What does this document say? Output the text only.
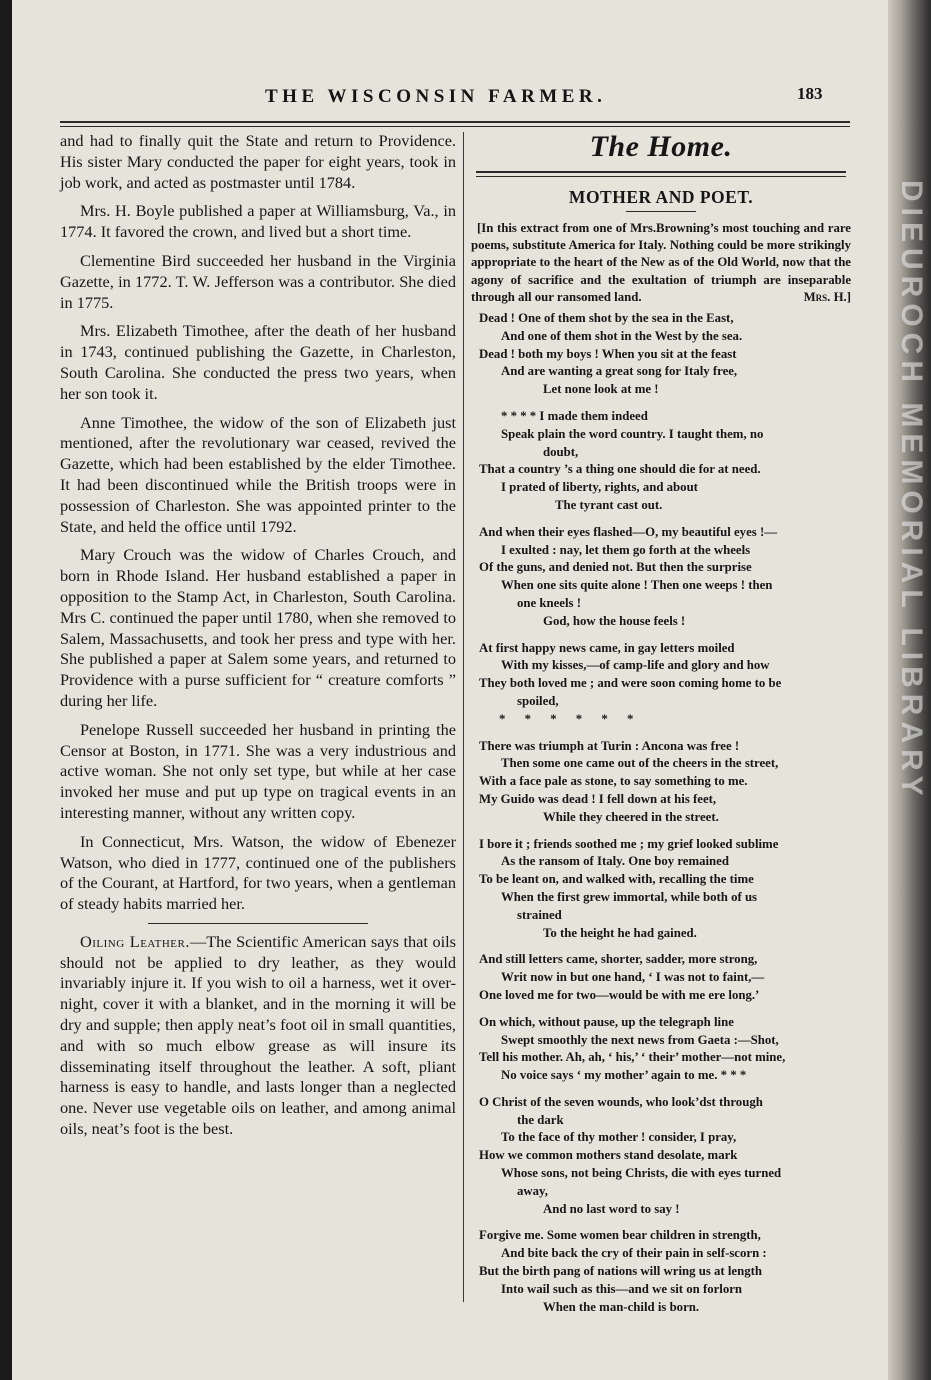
THE WISCONSIN FARMER.	183

and had to finally quit the State and return to Providence. His sister Mary conducted the paper for eight years, took in job work, and acted as postmaster until 1784.

Mrs. H. Boyle published a paper at Williamsburg, Va., in 1774. It favored the crown, and lived but a short time.

Clementine Bird succeeded her husband in the Virginia Gazette, in 1772. T. W. Jefferson was a contributor. She died in 1775.

Mrs. Elizabeth Timothee, after the death of her husband in 1743, continued publishing the Gazette, in Charleston, South Carolina. She conducted the press two years, when her son took it.

Anne Timothee, the widow of the son of Elizabeth just mentioned, after the revolutionary war ceased, revived the Gazette, which had been established by the elder Timothee. It had been discontinued while the British troops were in possession of Charleston. She was appointed printer to the State, and held the office until 1792.

Mary Crouch was the widow of Charles Crouch, and born in Rhode Island. Her husband established a paper in opposition to the Stamp Act, in Charleston, South Carolina. Mrs C. continued the paper until 1780, when she removed to Salem, Massachusetts, and took her press and type with her. She published a paper at Salem some years, and returned to Providence with a purse sufficient for “ creature comforts ” during her life.

Penelope Russell succeeded her husband in printing the Censor at Boston, in 1771. She was a very industrious and active woman. She not only set type, but while at her case invoked her muse and put up type on tragical events in an interesting manner, without any written copy.

In Connecticut, Mrs. Watson, the widow of Ebenezer Watson, who died in 1777, continued one of the publishers of the Courant, at Hartford, for two years, when a gentleman of steady habits married her.

Oiling Leather.—The Scientific American says that oils should not be applied to dry leather, as they would invariably injure it. If you wish to oil a harness, wet it over-night, cover it with a blanket, and in the morning it will be dry and supple; then apply neat’s foot oil in small quantities, and with so much elbow grease as will insure its disseminating itself throughout the leather. A soft, pliant harness is easy to handle, and lasts longer than a neglected one. Never use vegetable oils on leather, and among animal oils, neat’s foot is the best.

The Home.
MOTHER AND POET.
[In this extract from one of Mrs.Browning’s most touching and rare poems, substitute America for Italy. Nothing could be more strikingly appropriate to the heart of the New as of the Old World, now that the agony of sacrifice and the exultation of triumph are inseparable through all our ransomed land.	Mrs. H.]
Dead ! One of them shot by the sea in the East,
And one of them shot in the West by the sea.
Dead ! both my boys ! When you sit at the feast
And are wanting a great song for Italy free,
Let none look at me !
* * * * I made them indeed
Speak plain the word country. I taught them, no
doubt,
That a country ’s a thing one should die for at need.
I prated of liberty, rights, and about
The tyrant cast out.
And when their eyes flashed—O, my beautiful eyes !—
I exulted : nay, let them go forth at the wheels
Of the guns, and denied not. But then the surprise
When one sits quite alone ! Then one weeps ! then
one kneels !
God, how the house feels !
At first happy news came, in gay letters moiled
With my kisses,—of camp-life and glory and how
They both loved me ; and were soon coming home to be
spoiled,
*      *      *      *      *      *
There was triumph at Turin : Ancona was free !
Then some one came out of the cheers in the street,
With a face pale as stone, to say something to me.
My Guido was dead ! I fell down at his feet,
While they cheered in the street.
I bore it ; friends soothed me ; my grief looked sublime
As the ransom of Italy. One boy remained
To be leant on, and walked with, recalling the time
When the first grew immortal, while both of us
strained
To the height he had gained.
And still letters came, shorter, sadder, more strong,
Writ now in but one hand, ‘ I was not to faint,—
One loved me for two—would be with me ere long.’
On which, without pause, up the telegraph line
Swept smoothly the next news from Gaeta :—Shot,
Tell his mother. Ah, ah, ‘ his,’ ‘ their’ mother—not mine,
No voice says ‘ my mother’ again to me. * * *
O Christ of the seven wounds, who look’dst through
the dark
To the face of thy mother ! consider, I pray,
How we common mothers stand desolate, mark
Whose sons, not being Christs, die with eyes turned
away,
And no last word to say !
Forgive me. Some women bear children in strength,
And bite back the cry of their pain in self-scorn :
But the birth pang of nations will wring us at length
Into wail such as this—and we sit on forlorn
When the man-child is born.
DIEUROCH MEMORIAL LIBRARY
